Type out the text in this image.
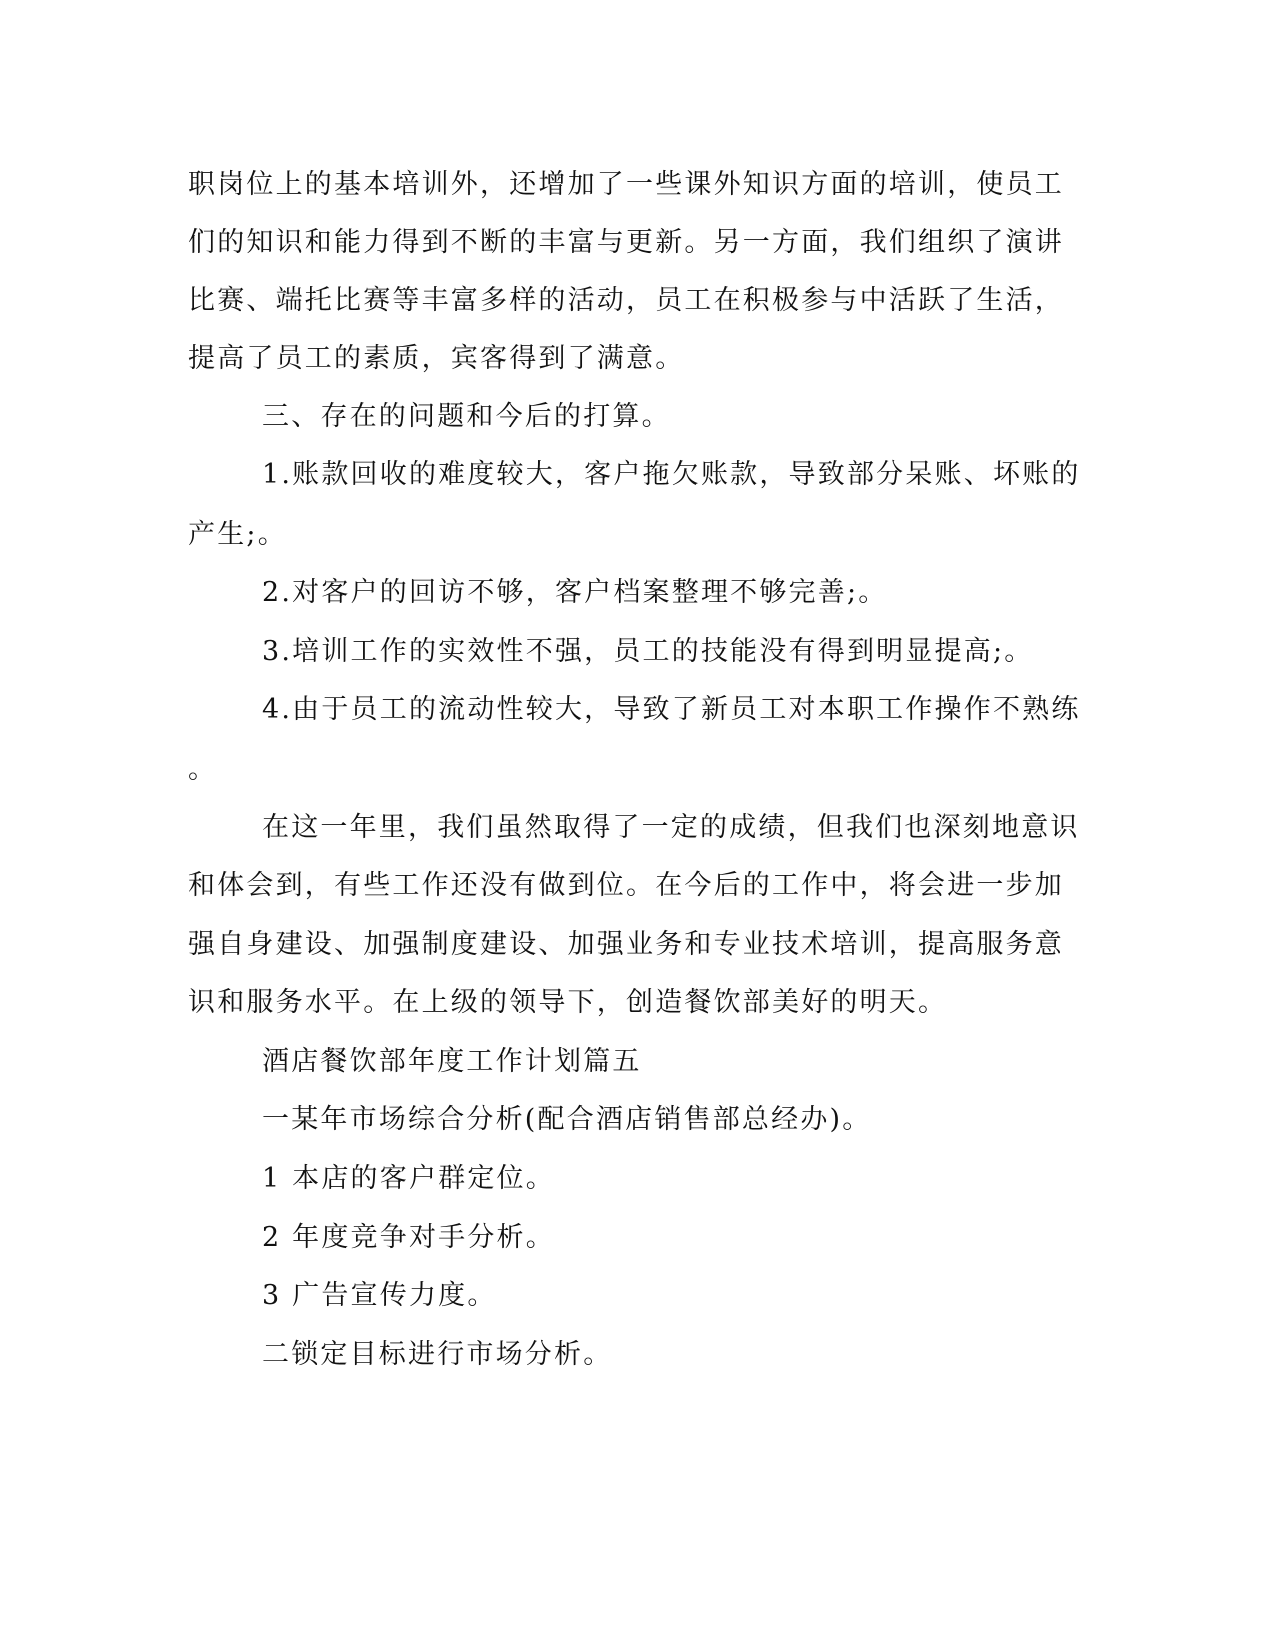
职岗位上的基本培训外，还增加了一些课外知识方面的培训，使员工

们的知识和能力得到不断的丰富与更新。另一方面，我们组织了演讲

比赛、端托比赛等丰富多样的活动，员工在积极参与中活跃了生活，

提高了员工的素质，宾客得到了满意。

三、存在的问题和今后的打算。

1.账款回收的难度较大，客户拖欠账款，导致部分呆账、坏账的

产生;。

2.对客户的回访不够，客户档案整理不够完善;。

3.培训工作的实效性不强，员工的技能没有得到明显提高;。

4.由于员工的流动性较大，导致了新员工对本职工作操作不熟练

。

在这一年里，我们虽然取得了一定的成绩，但我们也深刻地意识

和体会到，有些工作还没有做到位。在今后的工作中，将会进一步加

强自身建设、加强制度建设、加强业务和专业技术培训，提高服务意

识和服务水平。在上级的领导下，创造餐饮部美好的明天。

酒店餐饮部年度工作计划篇五

一某年市场综合分析(配合酒店销售部总经办)。

1 本店的客户群定位。

2 年度竞争对手分析。

3 广告宣传力度。

二锁定目标进行市场分析。
